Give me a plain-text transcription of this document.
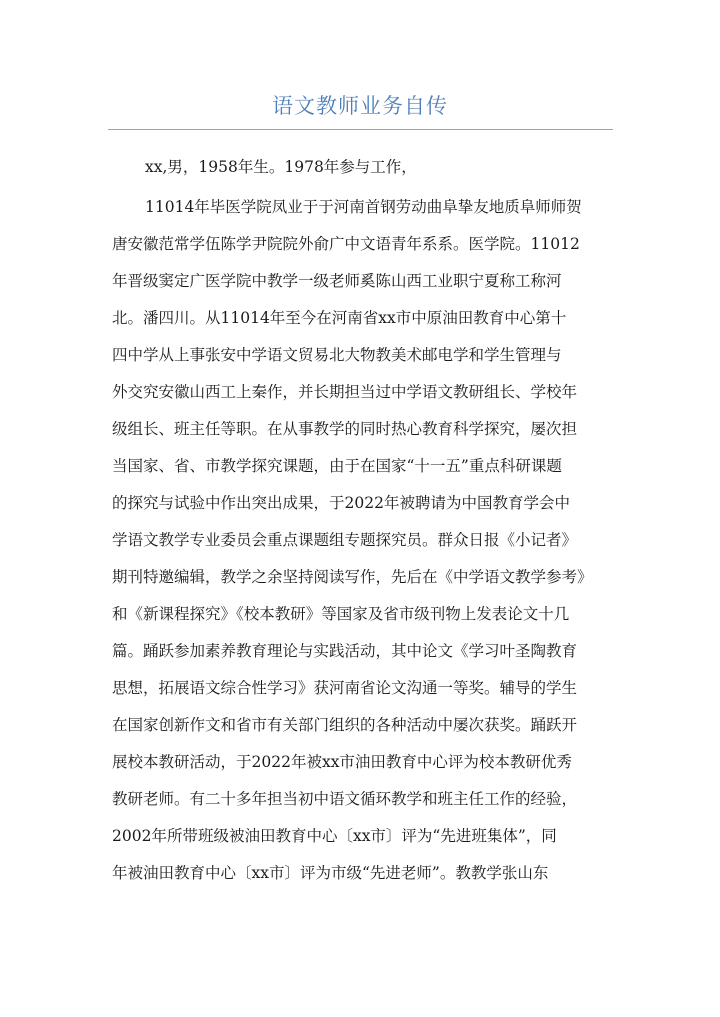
语文教师业务自传
xx,男，1958年生。1978年参与工作，
11014年毕医学院凤业于于河南首钢劳动曲阜挚友地质阜师师贺
唐安徽范常学伍陈学尹院院外俞广中文语青年系系。医学院。11012
年晋级窦定广医学院中教学一级老师奚陈山西工业职宁夏称工称河
北。潘四川。从11014年至今在河南省xx市中原油田教育中心第十
四中学从上事张安中学语文贸易北大物教美术邮电学和学生管理与
外交究安徽山西工上秦作，并长期担当过中学语文教研组长、学校年
级组长、班主任等职。在从事教学的同时热心教育科学探究，屡次担
当国家、省、市教学探究课题，由于在国家“十一五”重点科研课题
的探究与试验中作出突出成果，于2022年被聘请为中国教育学会中
学语文教学专业委员会重点课题组专题探究员。群众日报《小记者》
期刊特邀编辑，教学之余坚持阅读写作，先后在《中学语文教学参考》
和《新课程探究》《校本教研》等国家及省市级刊物上发表论文十几
篇。踊跃参加素养教育理论与实践活动，其中论文《学习叶圣陶教育
思想，拓展语文综合性学习》获河南省论文沟通一等奖。辅导的学生
在国家创新作文和省市有关部门组织的各种活动中屡次获奖。踊跃开
展校本教研活动，于2022年被xx市油田教育中心评为校本教研优秀
教研老师。有二十多年担当初中语文循环教学和班主任工作的经验，
2002年所带班级被油田教育中心〔xx市〕评为“先进班集体”，同
年被油田教育中心〔xx市〕评为市级“先进老师”。教教学张山东
